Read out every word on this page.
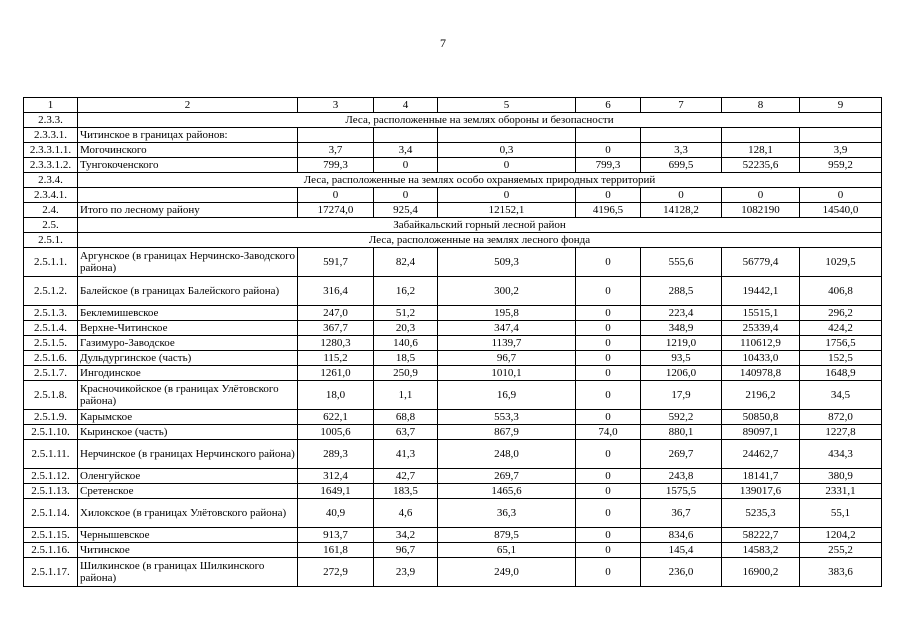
7
1	2	3	4	5	6	7	8	9
2.3.3.	Леса, расположенные на землях обороны и безопасности							
2.3.3.1.	Читинское в границах районов:							
2.3.3.1.1.	Могочинского	3,7	3,4	0,3	0	3,3	128,1	3,9
2.3.3.1.2.	Тунгокоченского	799,3	0	0	799,3	699,5	52235,6	959,2
2.3.4.	Леса, расположенные на землях особо охраняемых природных территорий							
2.3.4.1.		0	0	0	0	0	0	0
2.4.	Итого по лесному району	17274,0	925,4	12152,1	4196,5	14128,2	1082190	14540,0
2.5.	Забайкальский горный лесной район							
2.5.1.	Леса, расположенные на землях лесного фонда							
2.5.1.1.	Аргунское (в границах Нерчинско-Заводского района)	591,7	82,4	509,3	0	555,6	56779,4	1029,5
2.5.1.2.	Балейское (в границах Балейского района)	316,4	16,2	300,2	0	288,5	19442,1	406,8
2.5.1.3.	Беклемишевское	247,0	51,2	195,8	0	223,4	15515,1	296,2
2.5.1.4.	Верхне-Читинское	367,7	20,3	347,4	0	348,9	25339,4	424,2
2.5.1.5.	Газимуро-Заводское	1280,3	140,6	1139,7	0	1219,0	110612,9	1756,5
2.5.1.6.	Дульдургинское (часть)	115,2	18,5	96,7	0	93,5	10433,0	152,5
2.5.1.7.	Ингодинское	1261,0	250,9	1010,1	0	1206,0	140978,8	1648,9
2.5.1.8.	Красночикойское (в границах Улётовского района)	18,0	1,1	16,9	0	17,9	2196,2	34,5
2.5.1.9.	Карымское	622,1	68,8	553,3	0	592,2	50850,8	872,0
2.5.1.10.	Кыринское (часть)	1005,6	63,7	867,9	74,0	880,1	89097,1	1227,8
2.5.1.11.	Нерчинское (в границах Нерчинского района)	289,3	41,3	248,0	0	269,7	24462,7	434,3
2.5.1.12.	Оленгуйское	312,4	42,7	269,7	0	243,8	18141,7	380,9
2.5.1.13.	Сретенское	1649,1	183,5	1465,6	0	1575,5	139017,6	2331,1
2.5.1.14.	Хилокское (в границах Улётовского района)	40,9	4,6	36,3	0	36,7	5235,3	55,1
2.5.1.15.	Чернышевское	913,7	34,2	879,5	0	834,6	58222,7	1204,2
2.5.1.16.	Читинское	161,8	96,7	65,1	0	145,4	14583,2	255,2
2.5.1.17.	Шилкинское (в границах Шилкинского района)	272,9	23,9	249,0	0	236,0	16900,2	383,6
